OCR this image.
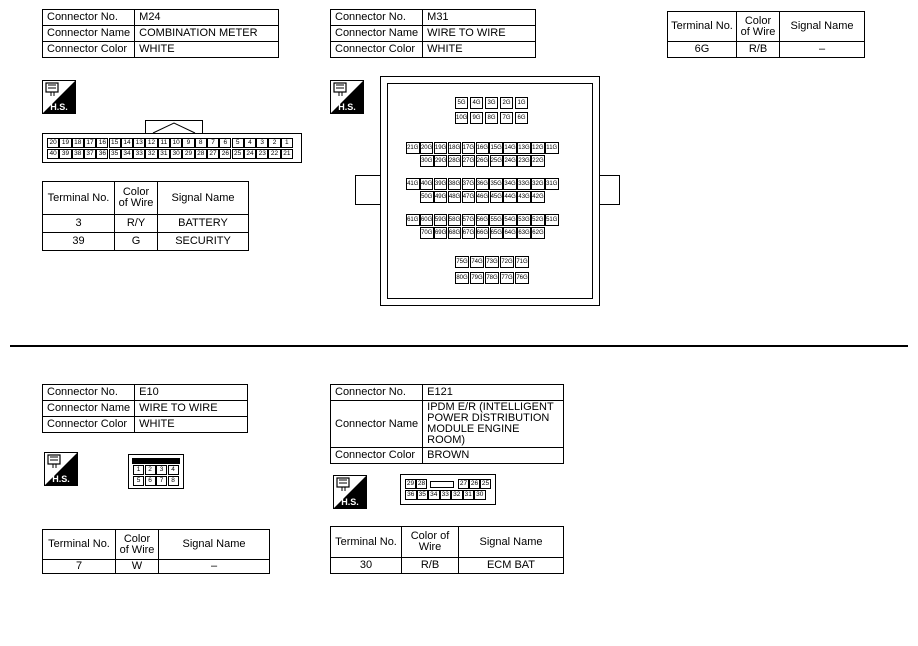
Connector No.	M24
Connector Name	COMBINATION METER
Connector Color	WHITE
H.S.
20 19 18 17 16 15 14 13 12 11 10	9	8	7	6	5	4	3	2	1
40 39 38 37 36 35 34 33 32 31 30 29 28 27 26 25 24 23 22 21
Terminal No.	Color of Wire	Signal Name
3	R/Y	BATTERY
39	G	SECURITY
Connector No.	M31
Connector Name	WIRE TO WIRE
Connector Color	WHITE
H.S.	5G	4G	3G	2G	1G
10G 9G	8G	7G	6G
21G 20G 19G 18G 17G 16G 15G 14G 13G 12G 11G
30G 29G 28G 27G 26G 25G 24G 23G 22G
41G 40G 39G 38G 37G 36G 35G 34G 33G 32G 31G
50G 49G 48G 47G 46G 45G 44G 43G 42G
61G 60G 59G 58G 57G 56G 55G 54G 53G 52G 51G
70G 69G 68G 67G 66G 65G 64G 63G 62G
75G 74G 73G 72G 71G
80G 79G 78G 77G 76G
Terminal No.	Color of Wire	Signal Name
6G	R/B	–
Connector No.	E10
Connector Name	WIRE TO WIRE
Connector Color	WHITE
H.S.
1	2	3	4
5	6	7	8
Terminal No.	Color of Wire	Signal Name
7	W	–
Connector No.	E121
Connector Name	IPDM E/R (INTELLIGENT POWER DISTRIBUTION MODULE ENGINE ROOM)
Connector Color	BROWN
H.S.
29 28	27 26 25
36 35 34 33 32 31 30
Terminal No.	Color of Wire	Signal Name
30	R/B	ECM BAT
